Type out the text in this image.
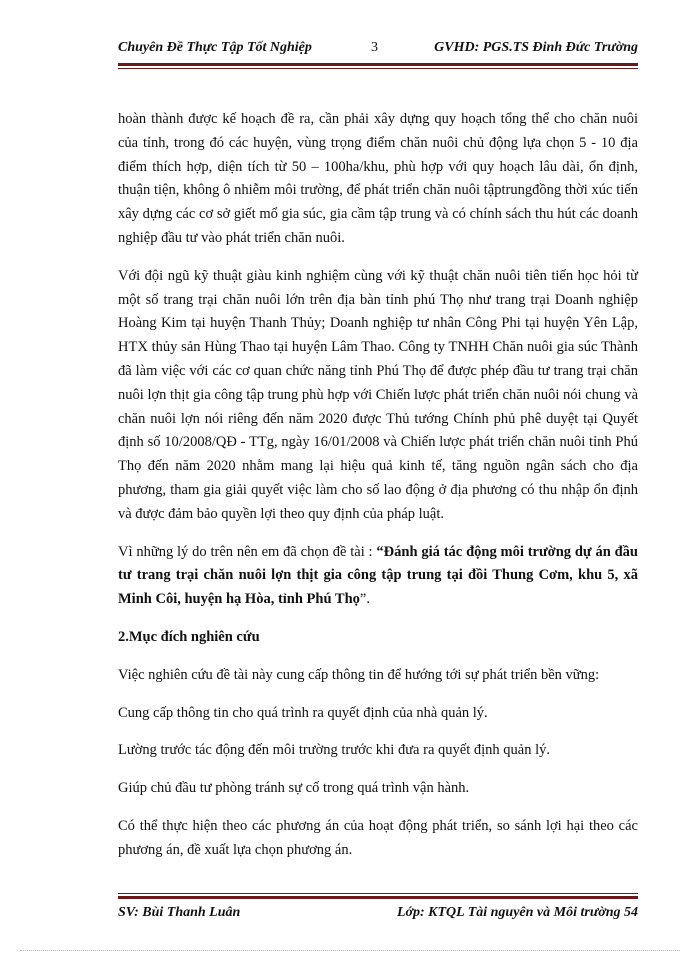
Chuyên Đề Thực Tập Tốt Nghiệp	3	GVHD: PGS.TS Đinh Đức Trường

hoàn thành được kế hoạch đề ra, cần phải xây dựng quy hoạch tổng thể cho chăn nuôi của tỉnh, trong đó các huyện, vùng trọng điểm chăn nuôi chủ động lựa chọn 5 - 10 địa điểm thích hợp, diện tích từ 50 – 100ha/khu, phù hợp với quy hoạch lâu dài, ổn định, thuận tiện, không ô nhiễm môi trường, để phát triển chăn nuôi tậptrungđồng thời xúc tiến xây dựng các cơ sở giết mổ gia súc, gia cầm tập trung và có chính sách thu hút các doanh nghiệp đầu tư vào phát triển chăn nuôi.

Với đội ngũ kỹ thuật giàu kinh nghiệm cùng với kỹ thuật chăn nuôi tiên tiến học hỏi từ một số trang trại chăn nuôi lớn trên địa bàn tỉnh phú Thọ như trang trại Doanh nghiệp Hoàng Kim tại huyện Thanh Thủy; Doanh nghiệp tư nhân Công Phi tại huyện Yên Lập, HTX thủy sản Hùng Thao tại huyện Lâm Thao. Công ty TNHH Chăn nuôi gia súc Thành đã làm việc với các cơ quan chức năng tỉnh Phú Thọ để được phép đầu tư trang trại chăn nuôi lợn thịt gia công tập trung phù hợp với Chiến lược phát triển chăn nuôi nói chung và chăn nuôi lợn nói riêng đến năm 2020 được Thủ tướng Chính phủ phê duyệt tại Quyết định số 10/2008/QĐ - TTg, ngày 16/01/2008 và Chiến lược phát triển chăn nuôi tỉnh Phú Thọ đến năm 2020 nhằm mang lại hiệu quả kinh tế, tăng nguồn ngân sách cho địa phương, tham gia giải quyết việc làm cho số lao động ở địa phương có thu nhập ổn định và được đảm bảo quyền lợi theo quy định của pháp luật.

Vì những lý do trên nên em đã chọn đề tài : “Đánh giá tác động môi trường dự án đầu tư trang trại chăn nuôi lợn thịt gia công tập trung tại đồi Thung Cơm, khu 5, xã Minh Côi, huyện hạ Hòa, tỉnh Phú Thọ”.

2.Mục đích nghiên cứu

Việc nghiên cứu đề tài này cung cấp thông tin để hướng tới sự phát triển bền vững:

Cung cấp thông tin cho quá trình ra quyết định của nhà quản lý.

Lường trước tác động đến môi trường trước khi đưa ra quyết định quản lý.

Giúp chủ đầu tư phòng tránh sự cố trong quá trình vận hành.

Có thể thực hiện theo các phương án của hoạt động phát triển, so sánh lợi hại theo các phương án, đề xuất lựa chọn phương án.

SV: Bùi Thanh Luân	Lớp: KTQL Tài nguyên và Môi trường 54
